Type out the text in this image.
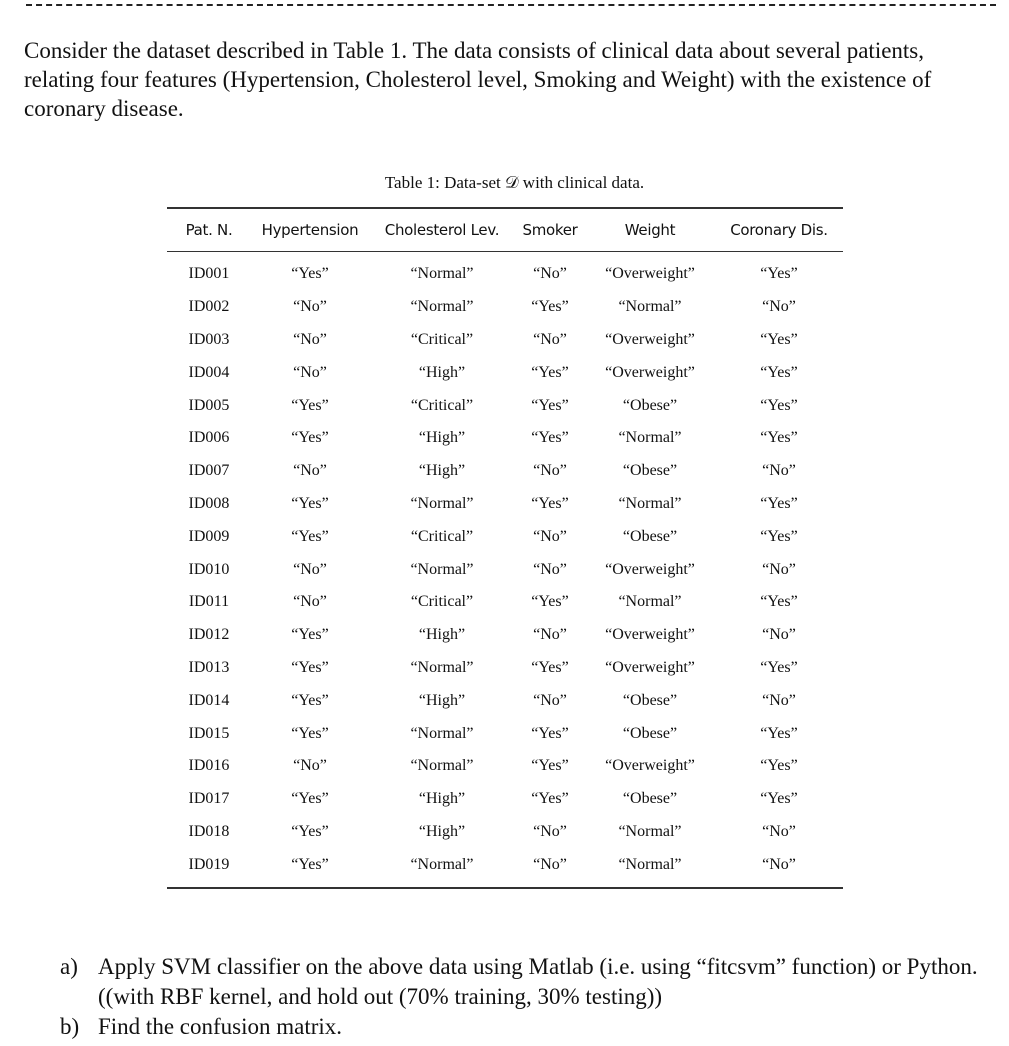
Consider the dataset described in Table 1. The data consists of clinical data about several patients, relating four features (Hypertension, Cholesterol level, Smoking and Weight) with the existence of coronary disease.

Table 1: Data-set 𝒟 with clinical data.
Pat. N.	Hypertension	Cholesterol Lev.	Smoker	Weight	Coronary Dis.
ID001	“Yes”	“Normal”	“No”	“Overweight”	“Yes”
ID002	“No”	“Normal”	“Yes”	“Normal”	“No”
ID003	“No”	“Critical”	“No”	“Overweight”	“Yes”
ID004	“No”	“High”	“Yes”	“Overweight”	“Yes”
ID005	“Yes”	“Critical”	“Yes”	“Obese”	“Yes”
ID006	“Yes”	“High”	“Yes”	“Normal”	“Yes”
ID007	“No”	“High”	“No”	“Obese”	“No”
ID008	“Yes”	“Normal”	“Yes”	“Normal”	“Yes”
ID009	“Yes”	“Critical”	“No”	“Obese”	“Yes”
ID010	“No”	“Normal”	“No”	“Overweight”	“No”
ID011	“No”	“Critical”	“Yes”	“Normal”	“Yes”
ID012	“Yes”	“High”	“No”	“Overweight”	“No”
ID013	“Yes”	“Normal”	“Yes”	“Overweight”	“Yes”
ID014	“Yes”	“High”	“No”	“Obese”	“No”
ID015	“Yes”	“Normal”	“Yes”	“Obese”	“Yes”
ID016	“No”	“Normal”	“Yes”	“Overweight”	“Yes”
ID017	“Yes”	“High”	“Yes”	“Obese”	“Yes”
ID018	“Yes”	“High”	“No”	“Normal”	“No”
ID019	“Yes”	“Normal”	“No”	“Normal”	“No”
a) Apply SVM classifier on the above data using Matlab (i.e. using “fitcsvm” function) or Python. ((with RBF kernel, and hold out (70% training, 30% testing))
b) Find the confusion matrix.
